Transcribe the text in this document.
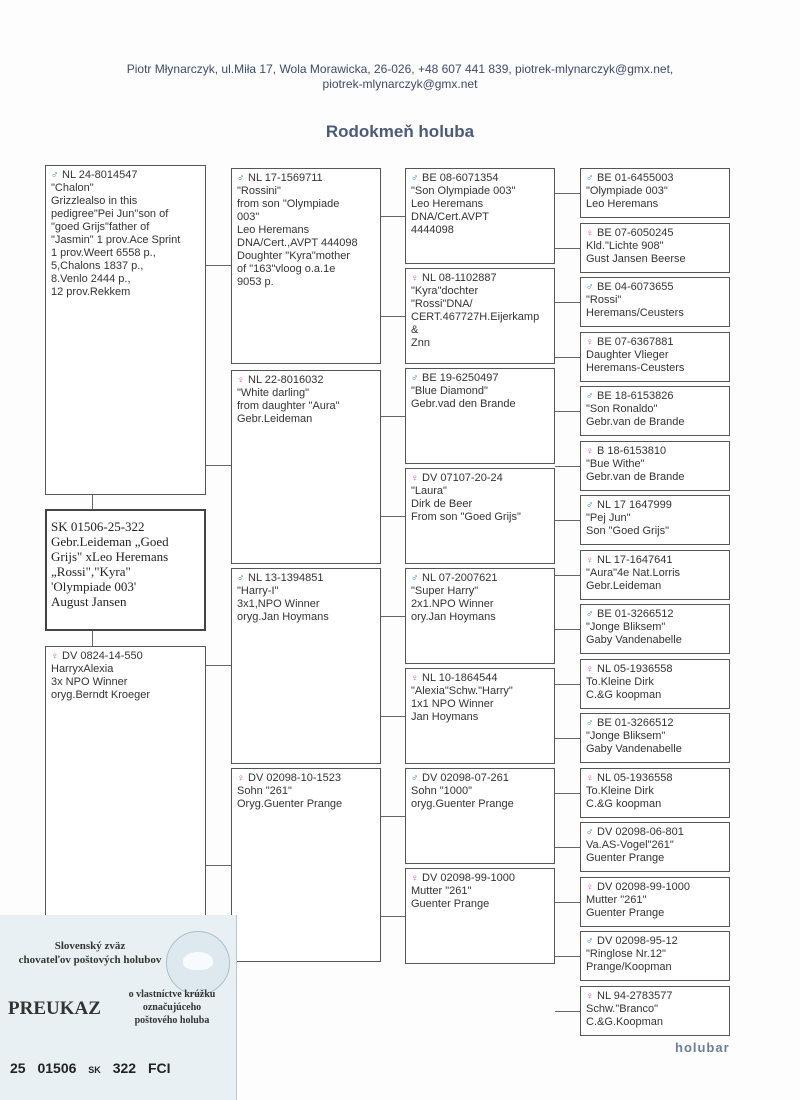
Piotr Młynarczyk, ul.Miła 17, Wola Morawicka, 26-026, +48 607 441 839, piotrek-mlynarczyk@gmx.net,
piotrek-mlynarczyk@gmx.net
Rodokmeň holuba
♂ NL 24-8014547
"Chalon"
Grizzlealso in this
pedigree"Pei Jun"son of
"goed Grijs"father of
"Jasmin" 1 prov.Ace Sprint
1 prov.Weert 6558 p.,
5,Chalons 1837 p.,
8.Venlo 2444 p.,
12 prov.Rekkem
♀ DV 0824-14-550
HarryxAlexia
3x NPO Winner
oryg.Berndt Kroeger
♂ NL 17-1569711
"Rossini"
from son "Olympiade
003"
Leo Heremans
DNA/Cert.,AVPT 444098
Doughter "Kyra"mother
of "163"vloog o.a.1e
9053 p.
♀ NL 22-8016032
"White darling"
from daughter "Aura"
Gebr.Leideman
♂ NL 13-1394851
"Harry-I"
3x1,NPO Winner
oryg.Jan Hoymans
♀ DV 02098-10-1523
Sohn "261"
Oryg.Guenter Prange
♂ BE 08-6071354
"Son Olympiade 003"
Leo Heremans
DNA/Cert.AVPT
4444098
♀ NL 08-1102887
"Kyra"dochter
"Rossi"DNA/
CERT.467727H.Eijerkamp
&
Znn
♂ BE 19-6250497
"Blue Diamond"
Gebr.vad den Brande
♀ DV 07107-20-24
"Laura"
Dirk de Beer
From son "Goed Grijs"
♂ NL 07-2007621
"Super Harry"
2x1.NPO Winner
ory.Jan Hoymans
♀ NL 10-1864544
"Alexia"Schw."Harry"
1x1 NPO Winner
Jan Hoymans
♂ DV 02098-07-261
Sohn "1000"
oryg.Guenter Prange
♀ DV 02098-99-1000
Mutter "261"
Guenter Prange
♂ BE 01-6455003
"Olympiade 003"
Leo Heremans
♀ BE 07-6050245
Kld."Lichte 908"
Gust Jansen Beerse
♂ BE 04-6073655
"Rossi"
Heremans/Ceusters
♀ BE 07-6367881
Daughter Vlieger
Heremans-Ceusters
♂ BE 18-6153826
"Son Ronaldo"
Gebr.van de Brande
♀ B 18-6153810
"Bue Withe"
Gebr.van de Brande
♂ NL 17 1647999
"Pej Jun"
Son "Goed Grijs"
♀ NL 17-1647641
"Aura"4e Nat.Lorris
Gebr.Leideman
♂ BE 01-3266512
"Jonge Bliksem"
Gaby Vandenabelle
♀ NL 05-1936558
To.Kleine Dirk
C.&G koopman
♂ BE 01-3266512
"Jonge Bliksem"
Gaby Vandenabelle
♀ NL 05-1936558
To.Kleine Dirk
C.&G koopman
♂ DV 02098-06-801
Va.AS-Vogel"261"
Guenter Prange
♀ DV 02098-99-1000
Mutter "261"
Guenter Prange
♂ DV 02098-95-12
"Ringlose Nr.12"
Prange/Koopman
♀ NL 94-2783577
Schw."Branco"
C.&G.Koopman
SK 01506-25-322
Gebr.Leideman „Goed
Grijs" xLeo Heremans
„Rossi","Kyra"
'Olympiade 003'
August Jansen
Slovenský zväz
chovateľov poštových holubov
PREUKAZ
o vlastníctve krúžku
označujúceho
poštového holuba
25 01506 SK 322 FCI
holubar
